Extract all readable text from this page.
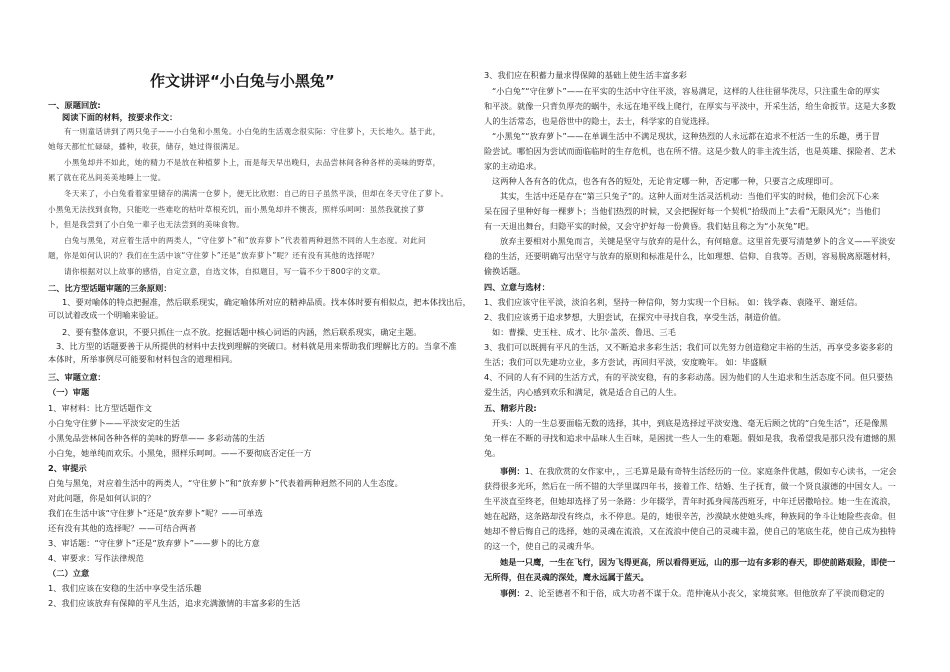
作文讲评“小白兔与小黑兔”
一、原题回放:
阅读下面的材料，按要求作文：
有一则童话讲到了两只兔子——小白兔和小黑兔。小白兔的生活观念很实际：守住萝卜，天长地久。基于此，
她每天都忙忙碌碌，播种，收获，储存，她过得很满足。
小黑兔却并不如此，她的精力不是放在种植萝卜上，而是每天早出晚归，去品尝林间各种各样的美味的野草，
累了就在花丛间美美地睡上一觉。
冬天来了，小白兔看着家里储存的满满一仓萝卜，便无比欣慰：自己的日子虽然平淡，但却在冬天守住了萝卜。
小黑兔无法找到食物，只能吃一些难吃的枯叶草根充饥，而小黑兔却并不懊丧，照样乐呵呵：虽然我就挨了萝
卜，但是我尝到了小白兔一辈子也无法尝到的美味食物。
白兔与黑兔，对应着生活中的两类人，“守住萝卜”和“放弃萝卜”代表着两种迥然不同的人生态度。对此问
题，你是如何认识的？我们在生活中该“守住萝卜”还是“放弃萝卜”呢？还有没有其他的选择呢？
请你根据对以上故事的感悟，自定立意，自选文体，自拟题目，写一篇不少于800字的文章。
二、比方型话题审题的三条原则：
1、要对喻体的特点把握准，然后联系现实，确定喻体所对应的精神品质。找本体时要有相似点，把本体找出后，
可以试着改成一个明喻来验证。
2、要有整体意识，不要只抓住一点不放。挖掘话题中核心词语的内涵，然后联系现实，确定主题。
3、比方型的话题要善于从所提供的材料中去找到理解的突破口。材料就是用来帮助我们理解比方的。当拿不准
本体时，所举事例尽可能要和材料包含的道理相同。
三、审题立意：
（一）审题
1、审材料：比方型话题作文
小白兔守住萝卜——平淡安定的生活
小黑兔品尝林间各种各样的美味的野草—— 多彩动荡的生活
小白兔，她单纯而欢乐。小黑兔，照样乐呵呵。——不要彻底否定任一方
2、审提示
白兔与黑兔，对应着生活中的两类人，“守住萝卜”和“放弃萝卜”代表着两种迥然不同的人生态度。
对此问题，你是如何认识的？
我们在生活中该“守住萝卜”还是“放弃萝卜”呢？——可单选
还有没有其他的选择呢？——可结合两者
3、审话题：“守住萝卜”还是“放弃萝卜”——萝卜的比方意
4、审要求：写作法律规范
（二）立意
1、我们应该在安稳的生活中享受生活乐趣
2、我们应该放弃有保障的平凡生活，追求充满激情的丰富多彩的生活
3、我们应在积蓄力量求得保障的基础上使生活丰富多彩
“小白兔”“守住萝卜”——在平实的生活中守住平淡，容易满足，这样的人往往留华洗尽，只注重生命的厚实
和平淡。就像一只背负厚壳的蜗牛，永远在地平线上爬行，在厚实与平淡中，开采生活，给生命扳节。这是大多数
人的生活常态，也是俗世中的隐士，去士，科学家的自觉选择。
“小黑兔”“放弃萝卜”——在单调生活中不满足现状，这种热烈的人永远都在追求不枉活一生的乐趣，勇于冒
险尝试。哪怕因为尝试而面临临时的生存危机，也在所不惜。这是少数人的非主流生活，也是英雄、探险者、艺术
家的主动追求。
这两种人各有各的优点，也各有各的短处，无论肯定哪一种，否定哪一种，只要言之成理即可。
其实，生活中还是存在“第三只兔子”的。这种人面对生活灵活机动：当他们平实的时候，他们会沉下心来
呆在园子里种好每一棵萝卜；当他们热烈的时候，又会把握好每一个契机“拾级而上”去看“无限风光”；当他们
有一天退出舞台，归隐平实的时候，又会守护好每一份黄昏。我们姑且称之为“小灰兔”吧。
放弃主要相对小黑兔而言，关键是坚守与放弃的是什么，有何暗意。这里首先要写清楚萝卜的含义——平淡安
稳的生活，还要明确写出坚守与放弃的原则和标准是什么，比如理想、信仰、自我等。否则，容易脱离原题材料，
偷换话题。
四、立意与选材：
1、我们应该守住平淡，淡泊名利，坚持一种信仰，努力实现一个目标。 如：钱学森、袁隆平、谢廷信。
2、我们应该勇于追求梦想，大胆尝试，在探究中寻找自我，享受生活，制造价值。
如：曹操、史玉柱、成才、比尔·盖茨、鲁迅、三毛
3、我们可以既拥有平凡的生活，又不断追求多彩生活；我们可以先努力创造稳定丰裕的生活，再享受多姿多彩的
生活；我们可以先建功立业，多方尝试，再回归平淡，安度晚年。 如：毕盛顺
4、不同的人有不同的生活方式，有的平淡安稳，有的多彩动荡。因为他们的人生追求和生活态度不同。但只要热
爱生活，内心感到欢乐和满足，就是适合自己的人生。
五、精彩片段:
开头：人的一生总要面临无数的选择，其中，到底是选择过平淡安逸、毫无后顾之忧的“白兔生活”，还是像黑
兔一样在不断的寻找和追求中品味人生百味，是困扰一些人一生的难题。假如是我，我希望我是那只没有遗憾的黑
兔。
事例：1、在我欣赏的女作家中，，三毛算是最有奇特生活经历的一位。家庭条件优越，假如专心读书，一定会
获得很多光环，然后在一所不错的大学里谋四年书，接着工作、结婚、生子抚育，做一个贤良淑德的中国女人。一
生平淡直至终老，但她却选择了另一条路：少年辍学，青年时孤身闯荡西班牙，中年迁居撒哈拉。她一生在流浪，
她在起路，这条路却没有终点，永不停息。是的，她很辛苦，沙漠缺水使她头疼，种族间的争斗让她险些丧命。但
她却不曾后悔自己的选择，她的灵魂在流浪，又在流浪中使自己的灵魂丰盈，使自己的笔底生花，使自己成为独特
的这一个，使自己的灵魂升华。
她是一只鹰，一生在飞行，因为飞得更高，所以看得更远，山的那一边有多彩的春天，即使前路艰险，即使一
无所得，但在灵魂的深处，鹰永远属于蓝天。
事例：2、论至德者不和于俗，成大功者不谋于众。范仲淹从小丧父，家境贫寒。但他放弃了平淡而稳定的
